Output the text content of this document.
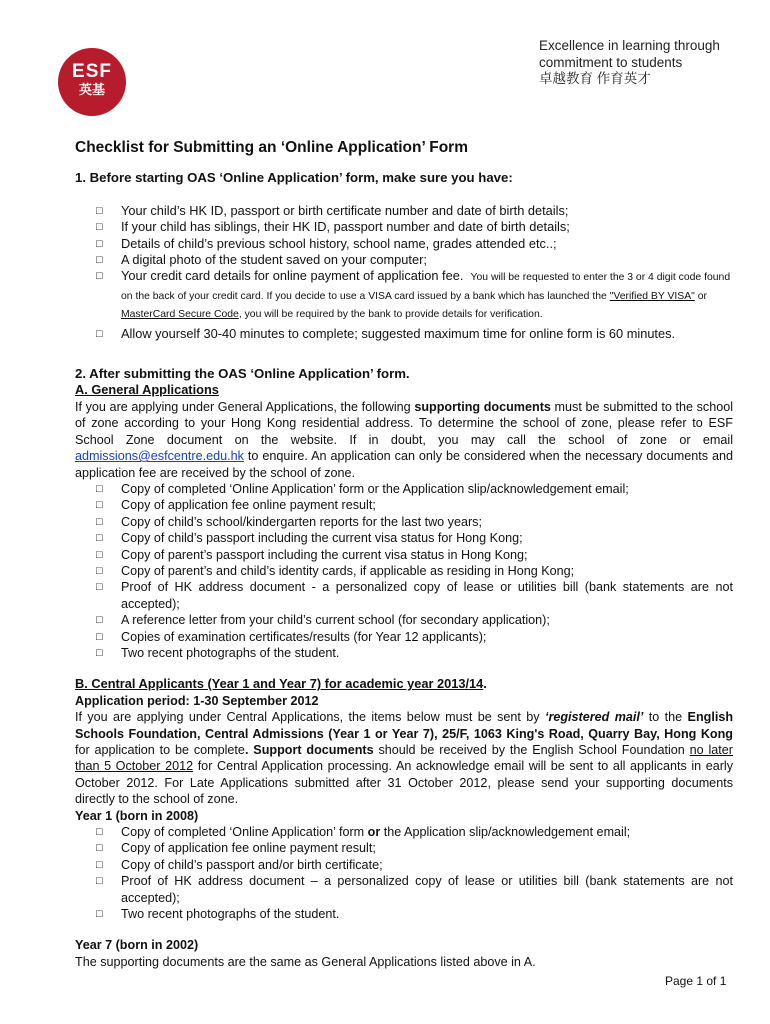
ESF
英基
Excellence in learning through
commitment to students
卓越教育 作育英才
Checklist for Submitting an ‘Online Application’ Form
1. Before starting OAS ‘Online Application’ form, make sure you have:
□ Your child’s HK ID, passport or birth certificate number and date of birth details;
□ If your child has siblings, their HK ID, passport number and date of birth details;
□ Details of child’s previous school history, school name, grades attended etc..;
□ A digital photo of the student saved on your computer;
□ Your credit card details for online payment of application fee. You will be requested to enter the 3 or 4 digit code found on the back of your credit card. If you decide to use a VISA card issued by a bank which has launched the "Verified BY VISA" or MasterCard Secure Code, you will be required by the bank to provide details for verification.
□ Allow yourself 30-40 minutes to complete; suggested maximum time for online form is 60 minutes.
2. After submitting the OAS ‘Online Application’ form.
A. General Applications

If you are applying under General Applications, the following supporting documents must be submitted to the school of zone according to your Hong Kong residential address. To determine the school of zone, please refer to ESF School Zone document on the website. If in doubt, you may call the school of zone or email admissions@esfcentre.edu.hk to enquire. An application can only be considered when the necessary documents and application fee are received by the school of zone.

□ Copy of completed ‘Online Application’ form or the Application slip/acknowledgement email;
□ Copy of application fee online payment result;
□ Copy of child’s school/kindergarten reports for the last two years;
□ Copy of child’s passport including the current visa status for Hong Kong;
□ Copy of parent’s passport including the current visa status in Hong Kong;
□ Copy of parent’s and child’s identity cards, if applicable as residing in Hong Kong;
□ Proof of HK address document - a personalized copy of lease or utilities bill (bank statements are not accepted);
□ A reference letter from your child’s current school (for secondary application);
□ Copies of examination certificates/results (for Year 12 applicants);
□ Two recent photographs of the student.
B. Central Applicants (Year 1 and Year 7) for academic year 2013/14.
Application period: 1-30 September 2012

If you are applying under Central Applications, the items below must be sent by ‘registered mail’ to the English Schools Foundation, Central Admissions (Year 1 or Year 7), 25/F, 1063 King's Road, Quarry Bay, Hong Kong for application to be complete. Support documents should be received by the English School Foundation no later than 5 October 2012 for Central Application processing. An acknowledge email will be sent to all applicants in early October 2012. For Late Applications submitted after 31 October 2012, please send your supporting documents directly to the school of zone.

Year 1 (born in 2008)
□ Copy of completed ‘Online Application’ form or the Application slip/acknowledgement email;
□ Copy of application fee online payment result;
□ Copy of child’s passport and/or birth certificate;
□ Proof of HK address document – a personalized copy of lease or utilities bill (bank statements are not accepted);
□ Two recent photographs of the student.
Year 7 (born in 2002)
The supporting documents are the same as General Applications listed above in A.
Page 1 of 1
